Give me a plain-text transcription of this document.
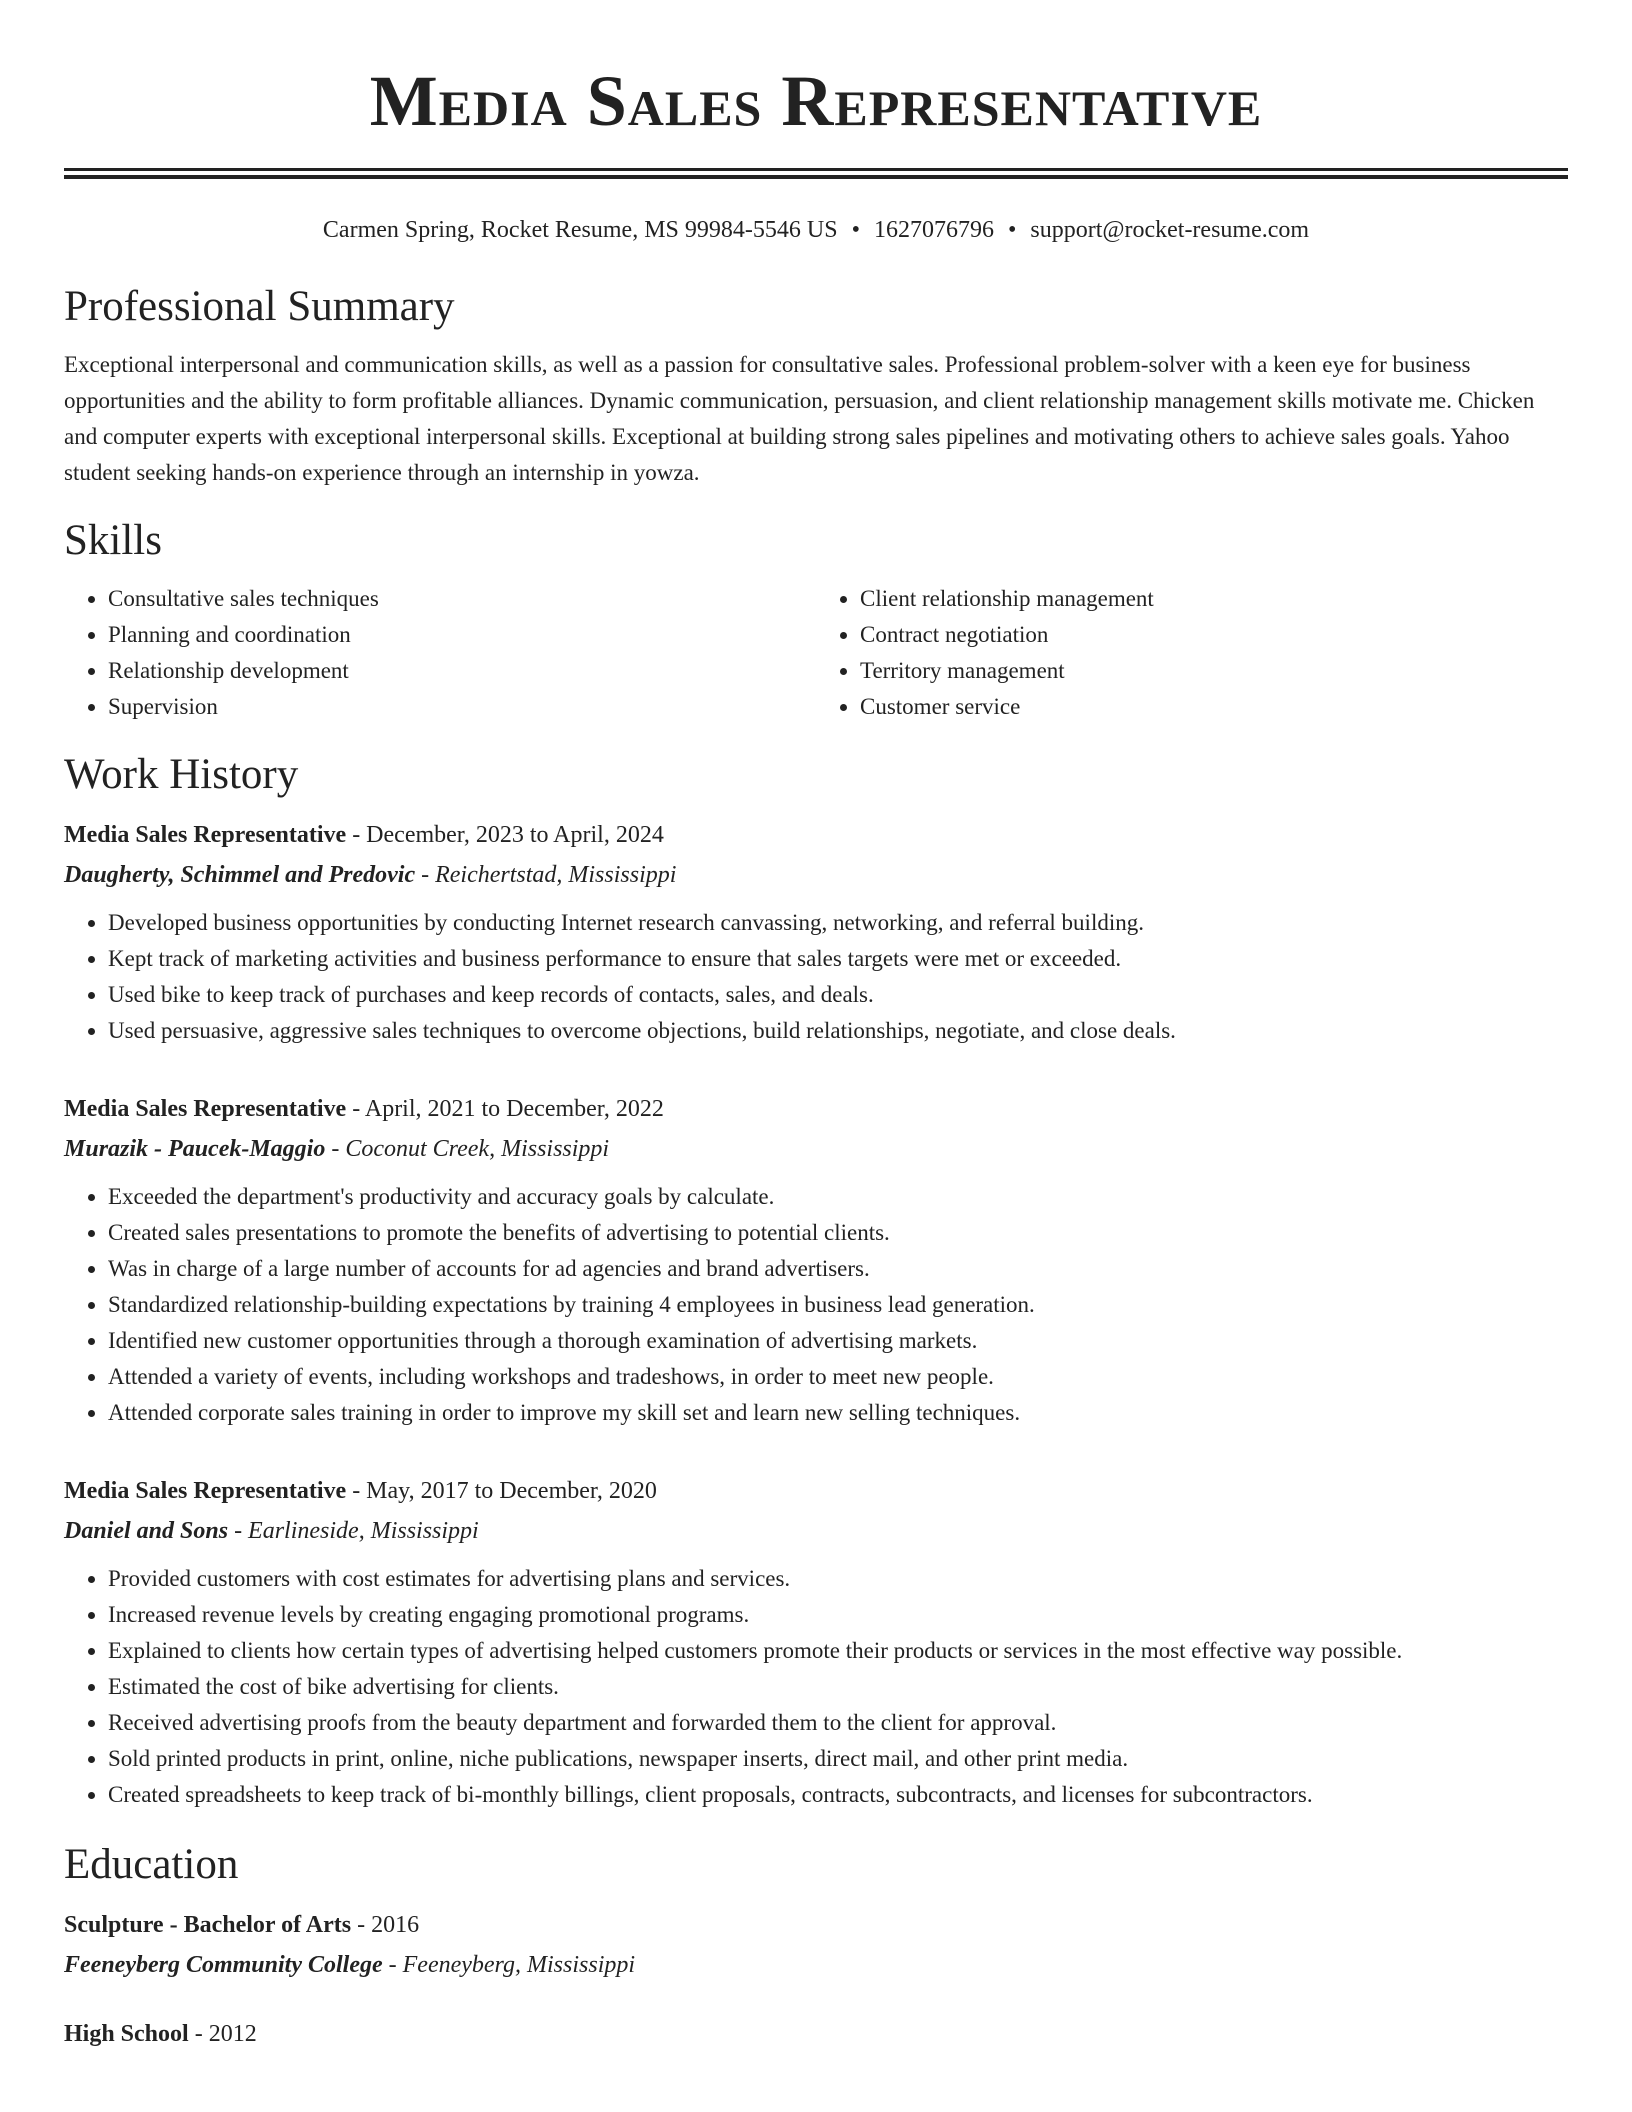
Media Sales Representative
Carmen Spring, Rocket Resume, MS 99984-5546 US • 1627076796 • support@rocket-resume.com
Professional Summary

Exceptional interpersonal and communication skills, as well as a passion for consultative sales. Professional problem-solver with a keen eye for business opportunities and the ability to form profitable alliances. Dynamic communication, persuasion, and client relationship management skills motivate me. Chicken and computer experts with exceptional interpersonal skills. Exceptional at building strong sales pipelines and motivating others to achieve sales goals. Yahoo student seeking hands-on experience through an internship in yowza.

Skills
• Consultative sales techniques
• Planning and coordination
• Relationship development
• Supervision
• Client relationship management
• Contract negotiation
• Territory management
• Customer service
Work History
Media Sales Representative - December, 2023 to April, 2024
Daugherty, Schimmel and Predovic - Reichertstad, Mississippi
• Developed business opportunities by conducting Internet research canvassing, networking, and referral building.
• Kept track of marketing activities and business performance to ensure that sales targets were met or exceeded.
• Used bike to keep track of purchases and keep records of contacts, sales, and deals.
• Used persuasive, aggressive sales techniques to overcome objections, build relationships, negotiate, and close deals.
Media Sales Representative - April, 2021 to December, 2022
Murazik - Paucek-Maggio - Coconut Creek, Mississippi
• Exceeded the department's productivity and accuracy goals by calculate.
• Created sales presentations to promote the benefits of advertising to potential clients.
• Was in charge of a large number of accounts for ad agencies and brand advertisers.
• Standardized relationship-building expectations by training 4 employees in business lead generation.
• Identified new customer opportunities through a thorough examination of advertising markets.
• Attended a variety of events, including workshops and tradeshows, in order to meet new people.
• Attended corporate sales training in order to improve my skill set and learn new selling techniques.
Media Sales Representative - May, 2017 to December, 2020
Daniel and Sons - Earlineside, Mississippi
• Provided customers with cost estimates for advertising plans and services.
• Increased revenue levels by creating engaging promotional programs.
• Explained to clients how certain types of advertising helped customers promote their products or services in the most effective way possible.
• Estimated the cost of bike advertising for clients.
• Received advertising proofs from the beauty department and forwarded them to the client for approval.
• Sold printed products in print, online, niche publications, newspaper inserts, direct mail, and other print media.
• Created spreadsheets to keep track of bi-monthly billings, client proposals, contracts, subcontracts, and licenses for subcontractors.
Education
Sculpture - Bachelor of Arts - 2016
Feeneyberg Community College - Feeneyberg, Mississippi
High School - 2012
